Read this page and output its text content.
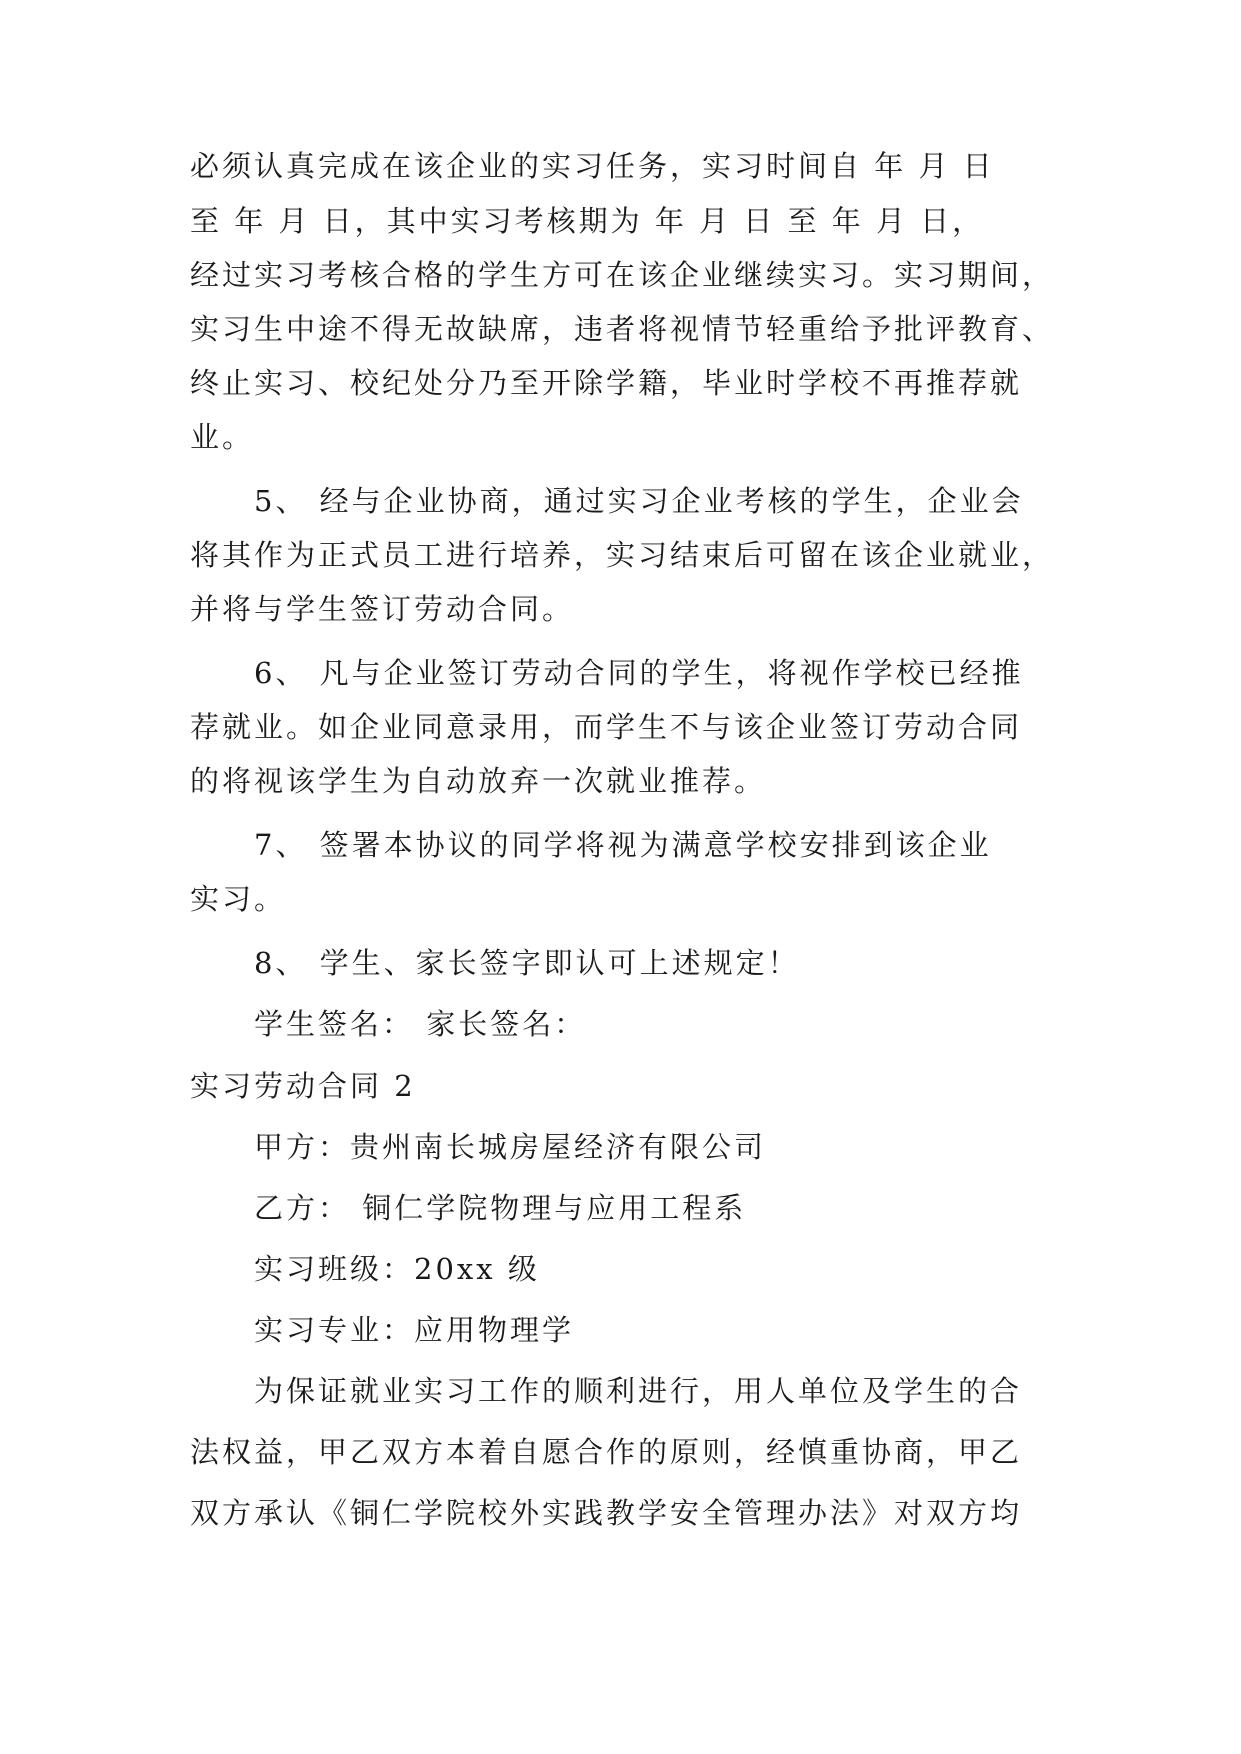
必须认真完成在该企业的实习任务，实习时间自 年 月 日
至 年 月 日，其中实习考核期为 年 月 日 至 年 月 日，
经过实习考核合格的学生方可在该企业继续实习。实习期间，
实习生中途不得无故缺席，违者将视情节轻重给予批评教育、
终止实习、校纪处分乃至开除学籍，毕业时学校不再推荐就
业。
5、 经与企业协商，通过实习企业考核的学生，企业会
将其作为正式员工进行培养，实习结束后可留在该企业就业，
并将与学生签订劳动合同。
6、 凡与企业签订劳动合同的学生，将视作学校已经推
荐就业。如企业同意录用，而学生不与该企业签订劳动合同
的将视该学生为自动放弃一次就业推荐。
7、 签署本协议的同学将视为满意学校安排到该企业
实习。
8、 学生、家长签字即认可上述规定！
学生签名： 家长签名：
实习劳动合同 2
甲方：贵州南长城房屋经济有限公司
乙方： 铜仁学院物理与应用工程系
实习班级：20xx 级
实习专业：应用物理学
为保证就业实习工作的顺利进行，用人单位及学生的合
法权益，甲乙双方本着自愿合作的原则，经慎重协商，甲乙
双方承认《铜仁学院校外实践教学安全管理办法》对双方均
